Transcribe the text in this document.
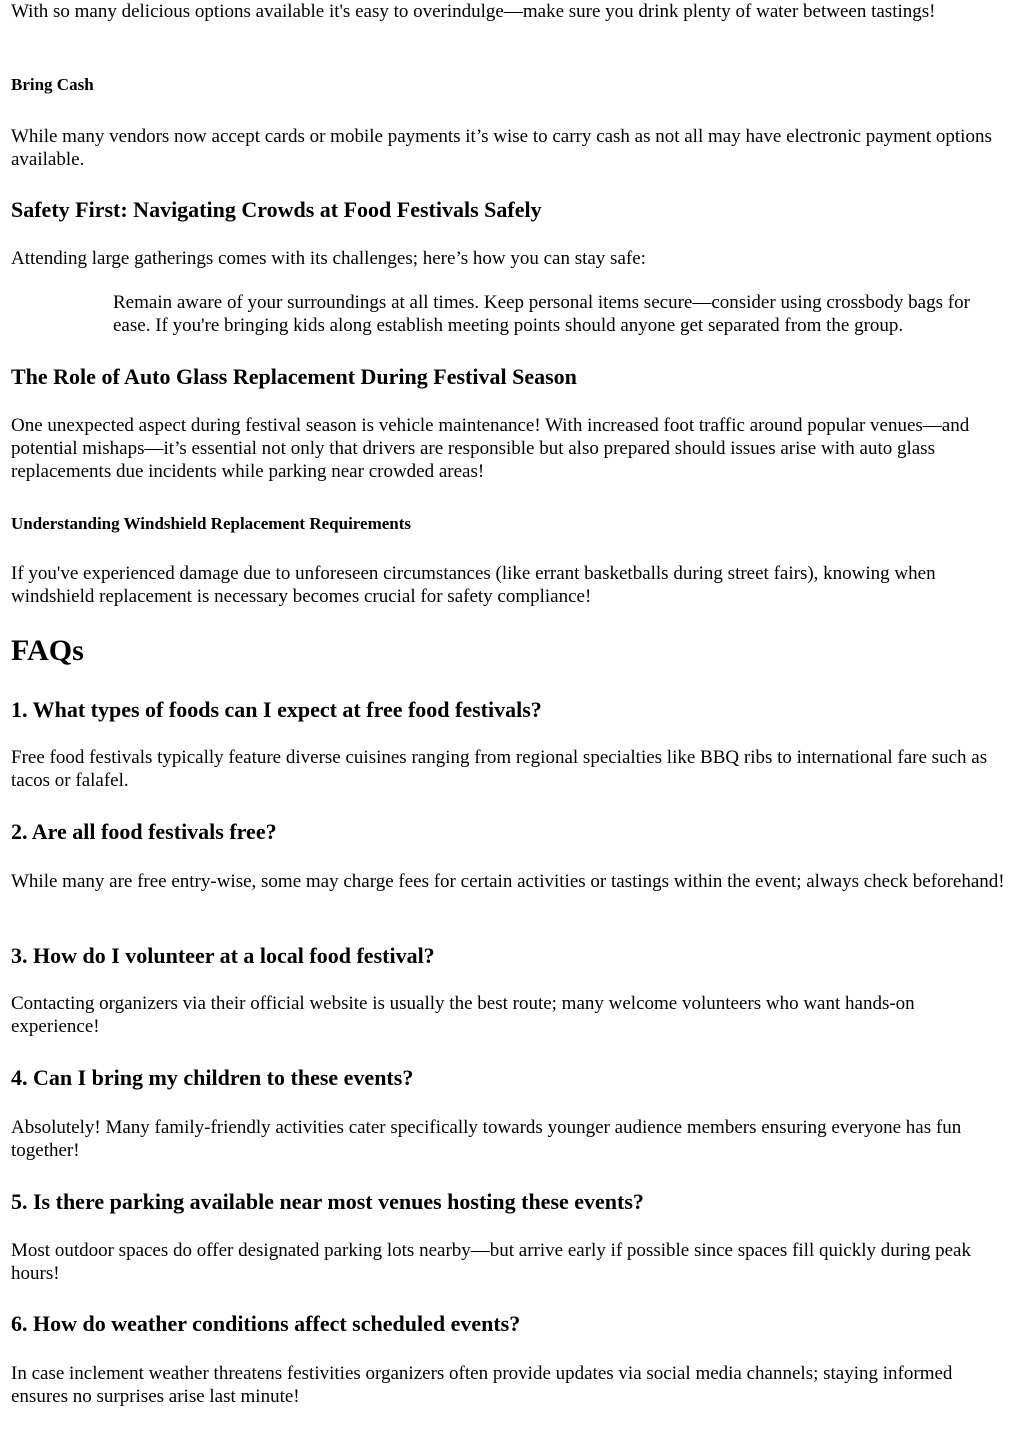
With so many delicious options available it's easy to overindulge—make sure you drink plenty of water between tastings!

Bring Cash

While many vendors now accept cards or mobile payments it’s wise to carry cash as not all may have electronic payment options available.

Safety First: Navigating Crowds at Food Festivals Safely

Attending large gatherings comes with its challenges; here’s how you can stay safe:

Remain aware of your surroundings at all times. Keep personal items secure—consider using crossbody bags for ease. If you're bringing kids along establish meeting points should anyone get separated from the group.
The Role of Auto Glass Replacement During Festival Season

One unexpected aspect during festival season is vehicle maintenance! With increased foot traffic around popular venues—and potential mishaps—it’s essential not only that drivers are responsible but also prepared should issues arise with auto glass replacements due incidents while parking near crowded areas!

Understanding Windshield Replacement Requirements

If you've experienced damage due to unforeseen circumstances (like errant basketballs during street fairs), knowing when windshield replacement is necessary becomes crucial for safety compliance!

FAQs
1. What types of foods can I expect at free food festivals?

Free food festivals typically feature diverse cuisines ranging from regional specialties like BBQ ribs to international fare such as tacos or falafel.

2. Are all food festivals free?

While many are free entry-wise, some may charge fees for certain activities or tastings within the event; always check beforehand!

3. How do I volunteer at a local food festival?

Contacting organizers via their official website is usually the best route; many welcome volunteers who want hands-on experience!

4. Can I bring my children to these events?

Absolutely! Many family-friendly activities cater specifically towards younger audience members ensuring everyone has fun together!

5. Is there parking available near most venues hosting these events?

Most outdoor spaces do offer designated parking lots nearby—but arrive early if possible since spaces fill quickly during peak hours!

6. How do weather conditions affect scheduled events?

In case inclement weather threatens festivities organizers often provide updates via social media channels; staying informed ensures no surprises arise last minute!
